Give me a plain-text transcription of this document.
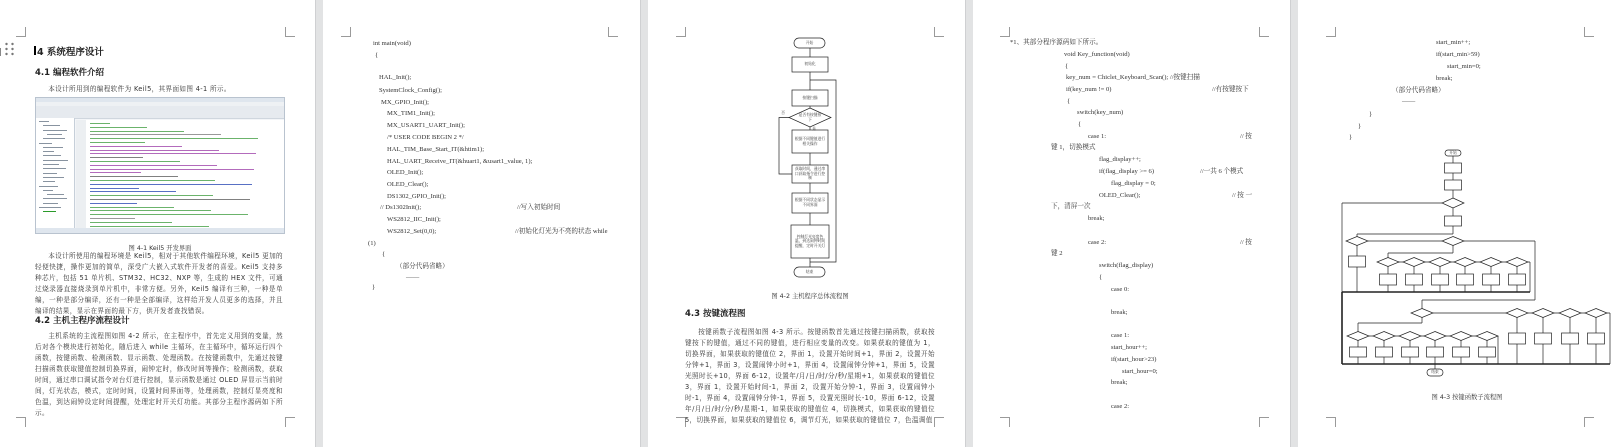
4 系统程序设计
4.1 编程软件介绍
本设计所用到的编程软件为 Keil5，其界面如图 4-1 所示。
图 4-1 Keil5 开发界面
本设计所使用的编程环境是 Keil5，相对于其他软件编程环境，Keil5 更加的轻便快捷，操作更加的简单，深受广大嵌入式软件开发者的喜爱。Keil5 支持多种芯片，包括 51 单片机、STM32、HC32、NXP 等，生成的 HEX 文件，可通过烧录器直接烧录到单片机中，非常方便。另外，Keil5 编译有三种，一种是单编，一种是部分编译，还有一种是全部编译，这样给开发人员更多的选择，并且编译的结果，显示在界面的最下方，供开发者查找错误。
4.2 主机主程序流程设计
主机系统的主流程图如图 4-2 所示，在主程序中，首先定义用到的变量，然后对各个模块进行初始化，随后进入 while 主循环，在主循环中，循环运行四个函数，按键函数、检测函数、显示函数、处理函数。在按键函数中，先通过按键扫描函数获取键值控制切换界面，闹钟定时，修改时间等操作；检测函数，获取时间，通过串口调试指令对台灯进行控制，显示函数是通过 OLED 屏显示当前时间，灯光状态，模式，定时时间，设置时间界面等，处理函数，控制灯显亮度和色温，到达闹钟设定时间提醒，处理定时开关灯功能。其部分主程序源码如下所示。
int main(void)
{
HAL_Init();
SystemClock_Config();
MX_GPIO_Init();
MX_TIM1_Init();
MX_USART1_UART_Init();
/* USER CODE BEGIN 2 */
HAL_TIM_Base_Start_IT(&htim1);
HAL_UART_Receive_IT(&huart1, &usart1_value, 1);
OLED_Init();
OLED_Clear();
DS1302_GPIO_Init();
// Ds1302Init();	//写入初始时间
WS2812_IIC_Init();
WS2812_Set(0,0);	//初始化灯光为不亮的状态 while
(1)
{
（部分代码省略）
——
}
*1、其部分程序源码如下所示。
void Key_function(void)
{
key_num = Chiclet_Keyboard_Scan(); //按键扫描
if(key_num != 0)	//有按键按下
{
switch(key_num)
{
case 1:	// 按
键 1，切换模式
flag_display++;
if(flag_display >= 6)	//一共 6 个模式
flag_display = 0;
OLED_Clear();	// 按 一
下，清屏一次
break;
case 2:	// 按
键 2
switch(flag_display)
{
case 0:
break;
case 1:
start_hour++;
if(start_hour>23)
start_hour=0;
break;
case 2:
start_min++;
if(start_min>59)
start_min=0;
break;
（部分代码省略）
——
}
}
}
开始
初始化
按键扫描
是否有按键按下
否
是
根据不同键值进行相关操作
获取时间，通过串口获取指令进行控制
根据不同状态显示不同界面
控制灯光亮度色温，到达闹钟时间提醒，定时开关灯
结束
图 4-2 主机程序总体流程图
4.3 按键流程图
按键函数子流程图如图 4-3 所示。按键函数首先通过按键扫描函数，获取按键按下的键值，通过不同的键值，进行相应变量的改变。如果获取的键值为 1，切换界面，如果获取的键值位 2，界面 1，设置开始时间+1，界面 2，设置开始分钟+1，界面 3，设置闹钟小时+1，界面 4，设置闹钟分钟+1，界面 5，设置光照时长+10，界面 6-12，设置年/月/日/时/分/秒/星期+1，如果获取的键值位 3，界面 1，设置开始时间-1，界面 2，设置开始分钟-1，界面 3，设置闹钟小时-1，界面 4，设置闹钟分钟-1，界面 5，设置光照时长-10，界面 6-12，设置年/月/日/时/分/秒/星期-1，如果获取的键值位 4，切换模式，如果获取的键值位 5，切换界面，如果获取的键值位 6，调节灯光，如果获取的键值位 7，色温调值
开始
结束
图 4-3 按键函数子流程图
